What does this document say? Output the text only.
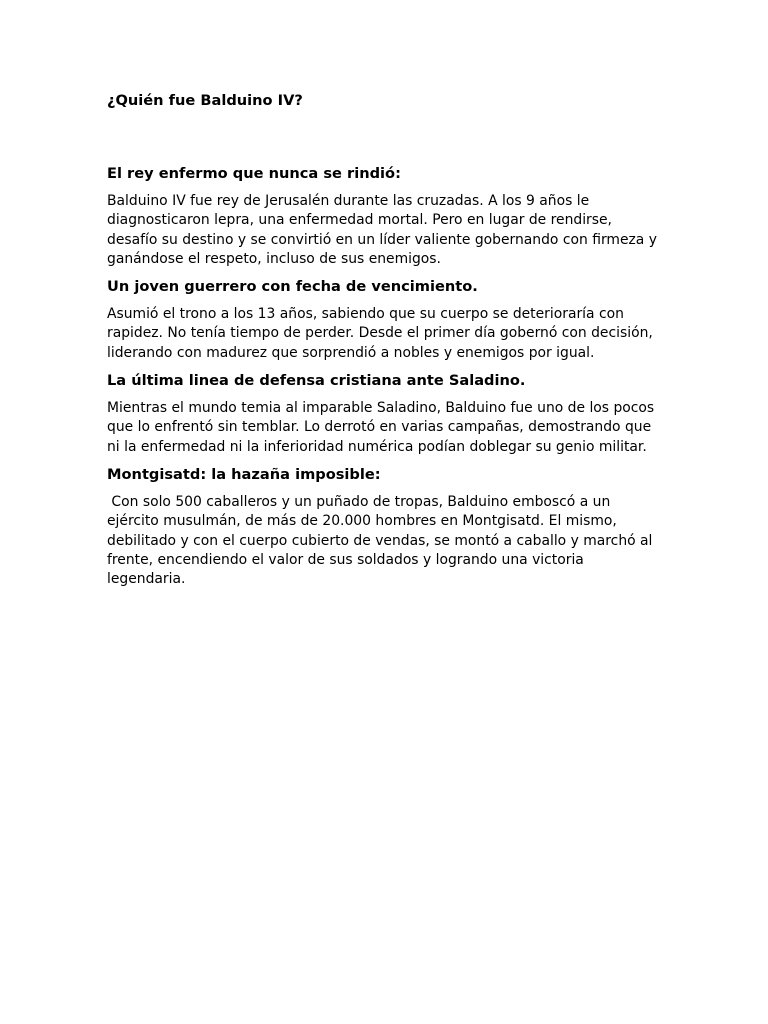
¿Quién fue Balduino IV?
El rey enfermo que nunca se rindió:
Balduino IV fue rey de Jerusalén durante las cruzadas. A los 9 años le diagnosticaron lepra, una enfermedad mortal. Pero en lugar de rendirse, desafío su destino y se convirtió en un líder valiente gobernando con firmeza y ganándose el respeto, incluso de sus enemigos.
Un joven guerrero con fecha de vencimiento.
Asumió el trono a los 13 años, sabiendo que su cuerpo se deterioraría con rapidez. No tenía tiempo de perder. Desde el primer día gobernó con decisión, liderando con madurez que sorprendió a nobles y enemigos por igual.
La última linea de defensa cristiana ante Saladino.
Mientras el mundo temia al imparable Saladino, Balduino fue uno de los pocos que lo enfrentó sin temblar. Lo derrotó en varias campañas, demostrando que ni la enfermedad ni la inferioridad numérica podían doblegar su genio militar.
Montgisatd: la hazaña imposible:
Con solo 500 caballeros y un puñado de tropas, Balduino emboscó a un ejército musulmán, de más de 20.000 hombres en Montgisatd. El mismo, debilitado y con el cuerpo cubierto de vendas, se montó a caballo y marchó al frente, encendiendo el valor de sus soldados y logrando una victoria legendaria.
